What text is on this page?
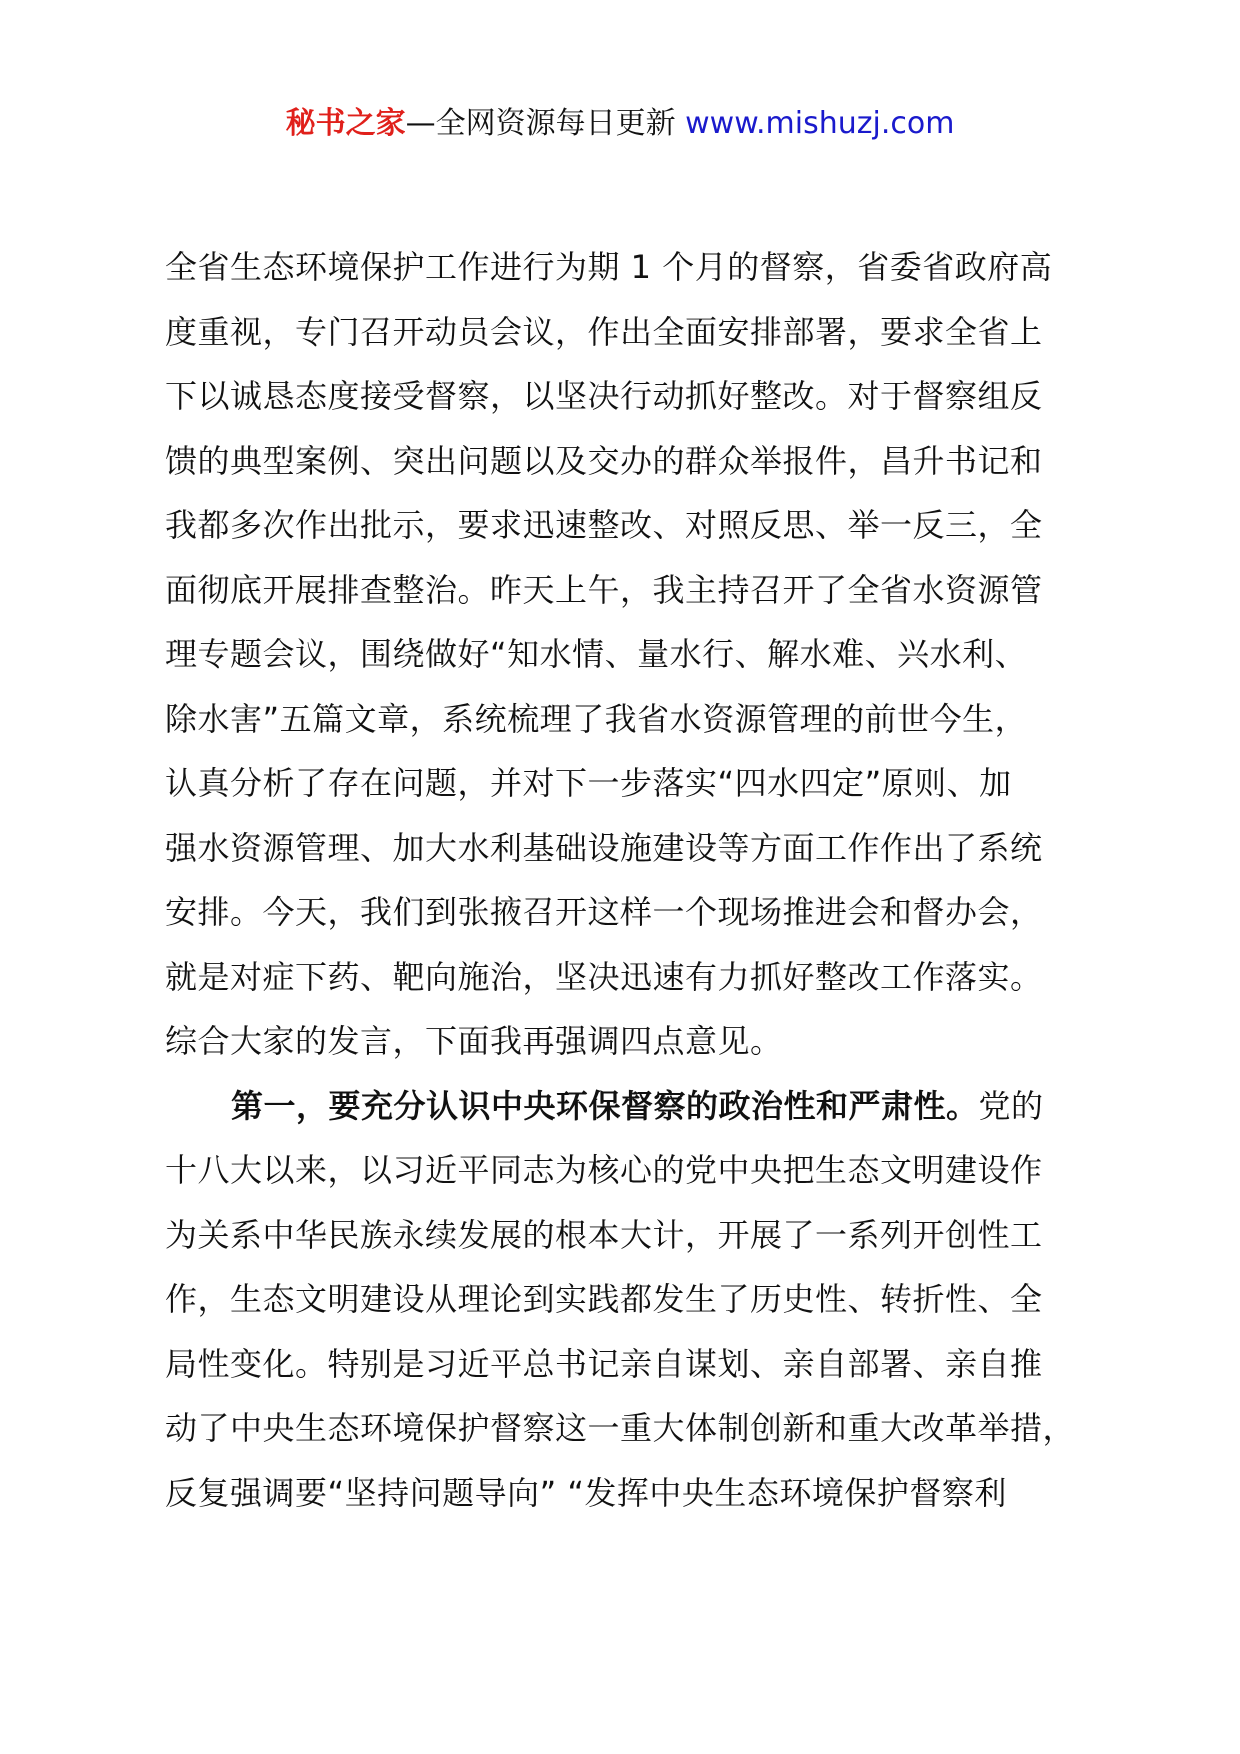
秘书之家—全网资源每日更新 www.mishuzj.com
全省生态环境保护工作进行为期 1 个月的督察，省委省政府高
度重视，专门召开动员会议，作出全面安排部署，要求全省上
下以诚恳态度接受督察，以坚决行动抓好整改。对于督察组反
馈的典型案例、突出问题以及交办的群众举报件，昌升书记和
我都多次作出批示，要求迅速整改、对照反思、举一反三，全
面彻底开展排查整治。昨天上午，我主持召开了全省水资源管
理专题会议，围绕做好“知水情、量水行、解水难、兴水利、
除水害”五篇文章，系统梳理了我省水资源管理的前世今生，
认真分析了存在问题，并对下一步落实“四水四定”原则、加
强水资源管理、加大水利基础设施建设等方面工作作出了系统
安排。今天，我们到张掖召开这样一个现场推进会和督办会，
就是对症下药、靶向施治，坚决迅速有力抓好整改工作落实。
综合大家的发言，下面我再强调四点意见。
第一，要充分认识中央环保督察的政治性和严肃性。党的
十八大以来，以习近平同志为核心的党中央把生态文明建设作
为关系中华民族永续发展的根本大计，开展了一系列开创性工
作，生态文明建设从理论到实践都发生了历史性、转折性、全
局性变化。特别是习近平总书记亲自谋划、亲自部署、亲自推
动了中央生态环境保护督察这一重大体制创新和重大改革举措，
反复强调要“坚持问题导向” “发挥中央生态环境保护督察利
